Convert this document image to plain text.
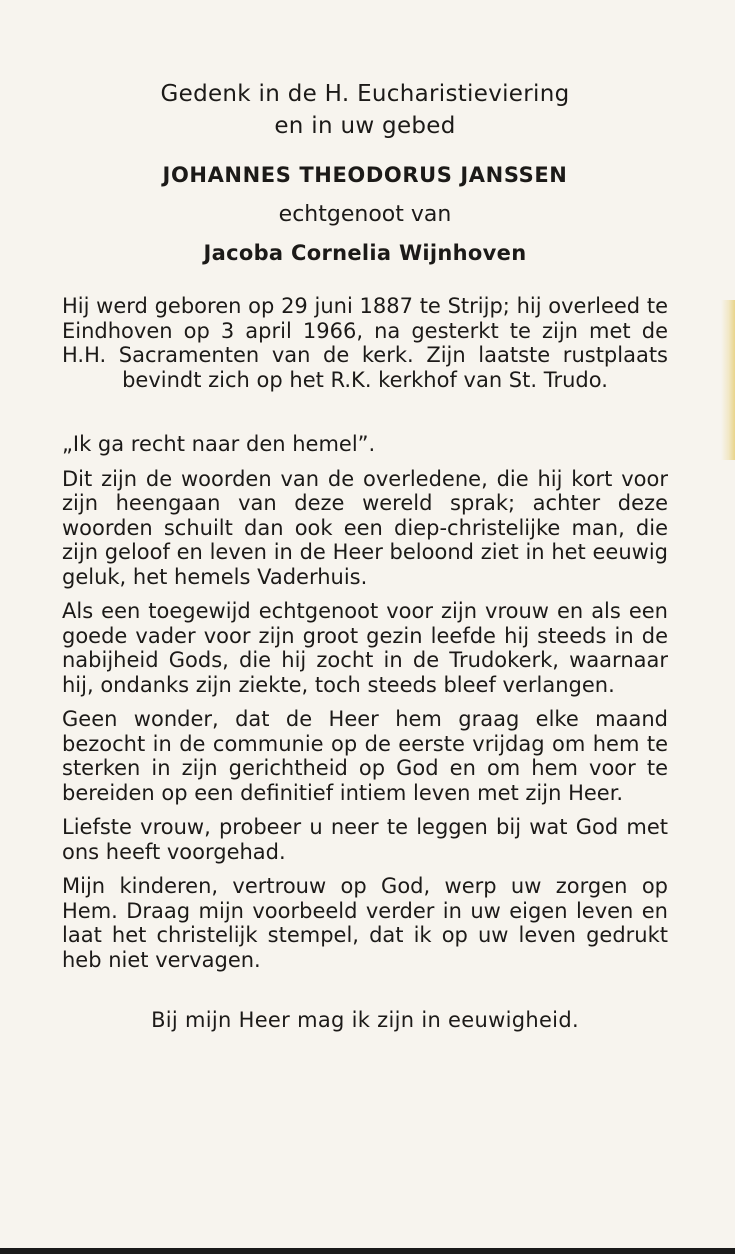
Gedenk in de H. Eucharistieviering
en in uw gebed
JOHANNES THEODORUS JANSSEN
echtgenoot van
Jacoba Cornelia Wijnhoven

Hij werd geboren op 29 juni 1887 te Strijp; hij overleed te Eindhoven op 3 april 1966, na gesterkt te zijn met de H.H. Sacramenten van de kerk. Zijn laatste rustplaats bevindt zich op het R.K. kerkhof van St. Trudo.

„Ik ga recht naar den hemel”.

Dit zijn de woorden van de overledene, die hij kort voor zijn heengaan van deze wereld sprak; achter deze woorden schuilt dan ook een diep-christelijke man, die zijn geloof en leven in de Heer beloond ziet in het eeuwig geluk, het hemels Vaderhuis.

Als een toegewijd echtgenoot voor zijn vrouw en als een goede vader voor zijn groot gezin leefde hij steeds in de nabijheid Gods, die hij zocht in de Trudokerk, waarnaar hij, ondanks zijn ziekte, toch steeds bleef verlangen.

Geen wonder, dat de Heer hem graag elke maand bezocht in de communie op de eerste vrijdag om hem te sterken in zijn gerichtheid op God en om hem voor te bereiden op een definitief intiem leven met zijn Heer.

Liefste vrouw, probeer u neer te leggen bij wat God met ons heeft voorgehad.

Mijn kinderen, vertrouw op God, werp uw zorgen op Hem. Draag mijn voorbeeld verder in uw eigen leven en laat het christelijk stempel, dat ik op uw leven gedrukt heb niet vervagen.

Bij mijn Heer mag ik zijn in eeuwigheid.
